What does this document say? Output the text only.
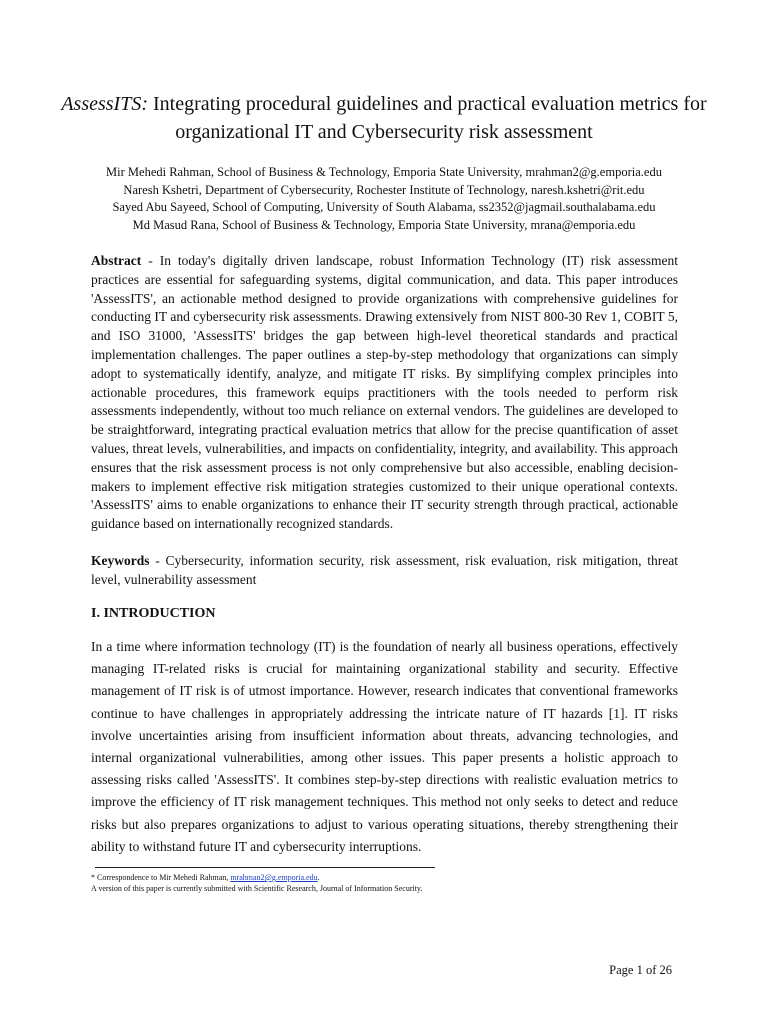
AssessITS: Integrating procedural guidelines and practical evaluation metrics for organizational IT and Cybersecurity risk assessment
Mir Mehedi Rahman, School of Business & Technology, Emporia State University, mrahman2@g.emporia.edu
Naresh Kshetri, Department of Cybersecurity, Rochester Institute of Technology, naresh.kshetri@rit.edu
Sayed Abu Sayeed, School of Computing, University of South Alabama, ss2352@jagmail.southalabama.edu
Md Masud Rana, School of Business & Technology, Emporia State University, mrana@emporia.edu

Abstract - In today's digitally driven landscape, robust Information Technology (IT) risk assessment practices are essential for safeguarding systems, digital communication, and data. This paper introduces 'AssessITS', an actionable method designed to provide organizations with comprehensive guidelines for conducting IT and cybersecurity risk assessments. Drawing extensively from NIST 800-30 Rev 1, COBIT 5, and ISO 31000, 'AssessITS' bridges the gap between high-level theoretical standards and practical implementation challenges. The paper outlines a step-by-step methodology that organizations can simply adopt to systematically identify, analyze, and mitigate IT risks. By simplifying complex principles into actionable procedures, this framework equips practitioners with the tools needed to perform risk assessments independently, without too much reliance on external vendors. The guidelines are developed to be straightforward, integrating practical evaluation metrics that allow for the precise quantification of asset values, threat levels, vulnerabilities, and impacts on confidentiality, integrity, and availability. This approach ensures that the risk assessment process is not only comprehensive but also accessible, enabling decision-makers to implement effective risk mitigation strategies customized to their unique operational contexts. 'AssessITS' aims to enable organizations to enhance their IT security strength through practical, actionable guidance based on internationally recognized standards.

Keywords - Cybersecurity, information security, risk assessment, risk evaluation, risk mitigation, threat level, vulnerability assessment

I. INTRODUCTION

In a time where information technology (IT) is the foundation of nearly all business operations, effectively managing IT-related risks is crucial for maintaining organizational stability and security. Effective management of IT risk is of utmost importance. However, research indicates that conventional frameworks continue to have challenges in appropriately addressing the intricate nature of IT hazards [1]. IT risks involve uncertainties arising from insufficient information about threats, advancing technologies, and internal organizational vulnerabilities, among other issues. This paper presents a holistic approach to assessing risks called 'AssessITS'. It combines step-by-step directions with realistic evaluation metrics to improve the efficiency of IT risk management techniques. This method not only seeks to detect and reduce risks but also prepares organizations to adjust to various operating situations, thereby strengthening their ability to withstand future IT and cybersecurity interruptions.

* Correspondence to Mir Mehedi Rahman, mrahman2@g.emporia.edu.
A version of this paper is currently submitted with Scientific Research, Journal of Information Security.
Page 1 of 26
